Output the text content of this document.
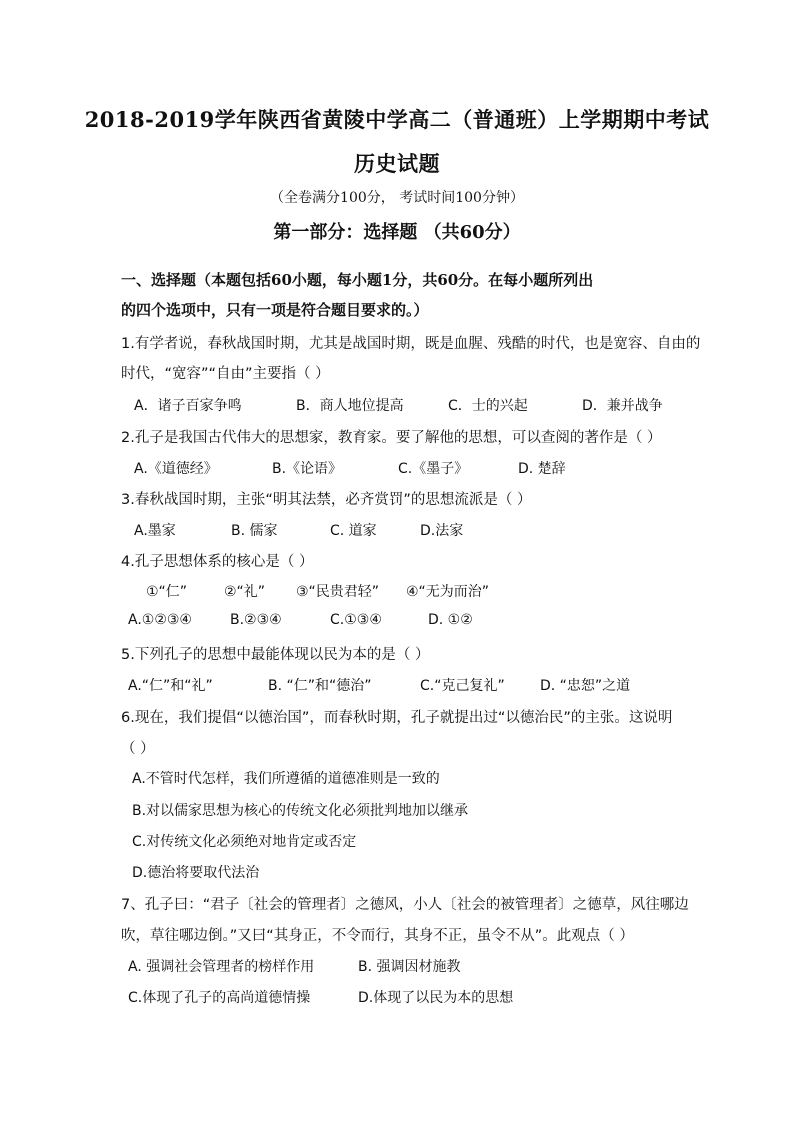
2018-2019学年陕西省黄陵中学高二（普通班）上学期期中考试
历史试题
（全卷满分100分， 考试时间100分钟）
第一部分：选择题 （共60分）
一、选择题（本题包括60小题，每小题1分，共60分。在每小题所列出
的四个选项中，只有一项是符合题目要求的。）
1.有学者说，春秋战国时期，尤其是战国时期，既是血腥、残酷的时代，也是宽容、自由的
时代，“宽容”“自由”主要指（ ）
A．诸子百家争鸣	B．商人地位提高	C．士的兴起	D．兼并战争
2.孔子是我国古代伟大的思想家，教育家。要了解他的思想，可以查阅的著作是（ ）
A.《道德经》	B.《论语》	C.《墨子》	D. 楚辞
3.春秋战国时期，主张“明其法禁，必齐赏罚”的思想流派是（ ）
A.墨家	B. 儒家	C. 道家	D.法家
4.孔子思想体系的核心是（ ）
①“仁”	②“礼” ③“民贵君轻” ④“无为而治”
A.①②③④	B.②③④	C.①③④	D. ①②
5.下列孔子的思想中最能体现以民为本的是（ ）
A.“仁”和“礼”	B. “仁”和“德治”	C.“克己复礼”	D. “忠恕”之道
6.现在，我们提倡“以德治国”，而春秋时期，孔子就提出过“以德治民”的主张。这说明
（ ）
A.不管时代怎样，我们所遵循的道德准则是一致的
B.对以儒家思想为核心的传统文化必须批判地加以继承
C.对传统文化必须绝对地肯定或否定
D.德治将要取代法治
7、孔子曰：“君子〔社会的管理者〕之德风，小人〔社会的被管理者〕之德草，风往哪边
吹，草往哪边倒。”又曰“其身正，不令而行，其身不正，虽令不从”。此观点（ ）
A. 强调社会管理者的榜样作用	B. 强调因材施教
C.体现了孔子的高尚道德情操	D.体现了以民为本的思想
